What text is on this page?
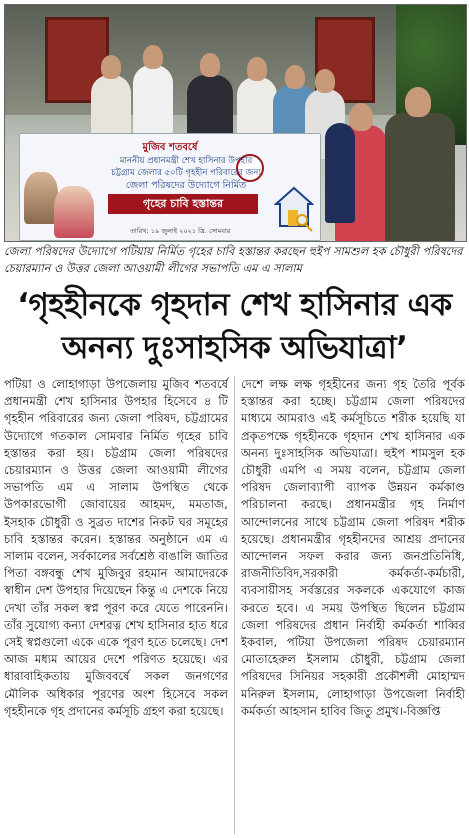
মুজিব শতবর্ষে
মাননীয় প্রধানমন্ত্রী শেখ হাসিনার উপহার
চট্টগ্রাম জেলার ৫০টি গৃহহীন পরিবারের জন্য
জেলা পরিষদের উদ্যোগে নির্মিত
গৃহের চাবি হস্তান্তর
তারিখ: ১৯ জুলাই ২০২১ খ্রি. সোমবার
জেলা পরিষদের উদ্যোগে পটিয়ায় নির্মিত গৃহের চাবি হস্তান্তর করছেন হুইপ সামশুল হক চৌধুরী পরিষদের চেয়ারম্যান ও উত্তর জেলা আওয়ামী লীগের সভাপতি এম এ সালাম
‘গৃহহীনকে গৃহদান শেখ হাসিনার এক অনন্য দুঃসাহসিক অভিযাত্রা’

পটিয়া ও লোহাগাড়া উপজেলায় মুজিব শতবর্ষে প্রধানমন্ত্রী শেখ হাসিনার উপহার হিসেবে ৪ টি গৃহহীন পরিবারের জন্য জেলা পরিষদ, চট্টগ্রামের উদ্যোগে গতকাল সোমবার নির্মিত গৃহের চাবি হস্তান্তর করা হয়। চট্টগ্রাম জেলা পরিষদের চেয়ারম্যান ও উত্তর জেলা আওয়ামী লীগের সভাপতি এম এ সালাম উপস্থিত থেকে উপকারভোগী জোবায়ের আহমদ, মমতাজ, ইসহাক চৌধুরী ও সুব্রত দাশের নিকট ঘর সমূহের চাবি হস্তান্তর করেন। হস্তান্তর অনুষ্ঠানে এম এ সালাম বলেন, সর্বকালের সর্বশ্রেষ্ঠ বাঙালি জাতির পিতা বঙ্গবন্ধু শেখ মুজিবুর রহমান আমাদেরকে স্বাধীন দেশ উপহার দিয়েছেন কিন্তু এ দেশকে নিয়ে দেখা তাঁর সকল স্বপ্ন পূরণ করে যেতে পারেননি। তাঁর সুযোগ্য কন্যা দেশরত্ন শেখ হাসিনার হাত ধরে সেই স্বপ্নগুলো একে একে পূরণ হতে চলেছে। দেশ আজ মধ্যম আয়ের দেশে পরিণত হয়েছে। এর ধারাবাহিকতায় মুজিববর্ষে সকল জনগণের মৌলিক অধিকার পূরণের অংশ হিসেবে সকল গৃহহীনকে গৃহ প্রদানের কর্মসূচি গ্রহণ করা হয়েছে।

দেশে লক্ষ লক্ষ গৃহহীনের জন্য গৃহ তৈরি পূর্বক হস্তান্তর করা হচ্ছে। চট্টগ্রাম জেলা পরিষদের মাধ্যমে আমরাও এই কর্মসূচিতে শরীক হয়েছি যা প্রকৃতপক্ষে গৃহহীনকে গৃহদান শেখ হাসিনার এক অনন্য দুঃসাহসিক অভিযাত্রা। হুইপ শামসুল হক চৌধুরী এমপি এ সময় বলেন, চট্টগ্রাম জেলা পরিষদ জেলাব্যাপী ব্যাপক উন্নয়ন কর্মকাণ্ড পরিচালনা করছে। প্রধানমন্ত্রীর গৃহ নির্মাণ আন্দোলনের সাথে চট্টগ্রাম জেলা পরিষদ শরীক হয়েছে। প্রধানমন্ত্রীর গৃহহীনদের আশ্রয় প্রদানের আন্দোলন সফল করার জন্য জনপ্রতিনিধি, রাজনীতিবিদ,সরকারী কর্মকর্তা-কর্মচারী, ব্যবসায়ীসহ সর্বস্তরের সকলকে একযোগে কাজ করতে হবে। এ সময় উপস্থিত ছিলেন চট্টগ্রাম জেলা পরিষদের প্রধান নির্বাহী কর্মকর্তা শাব্বির ইকবাল, পটিয়া উপজেলা পরিষদ চেয়ারম্যান মোতাহেরুল ইসলাম চৌধুরী, চট্টগ্রাম জেলা পরিষদের সিনিয়র সহকারী প্রকৌশলী মোহাম্মদ মনিরুল ইসলাম, লোহাগাড়া উপজেলা নির্বাহী কর্মকর্তা আহসান হাবিব জিতু প্রমুখ।-বিজ্ঞপ্তি
